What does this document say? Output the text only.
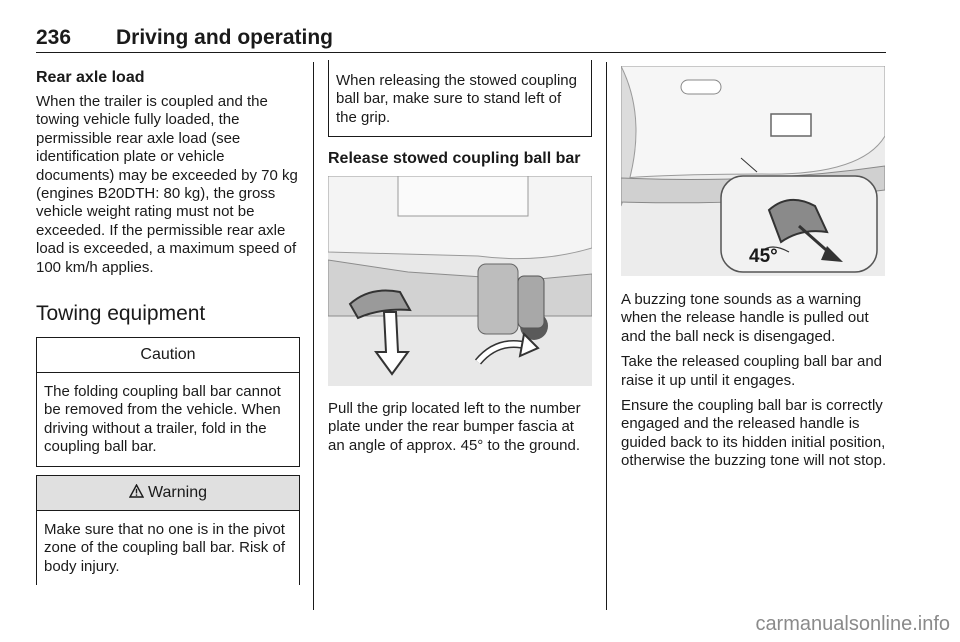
236 Driving and operating
Rear axle load

When the trailer is coupled and the towing vehicle fully loaded, the permissible rear axle load (see identification plate or vehicle documents) may be exceeded by 70 kg (engines B20DTH: 80 kg), the gross vehicle weight rating must not be exceeded. If the permissible rear axle load is exceeded, a maximum speed of 100 km/h applies.

Towing equipment
Caution
The folding coupling ball bar cannot be removed from the vehicle. When driving without a trailer, fold in the coupling ball bar.
Warning
Make sure that no one is in the pivot zone of the coupling ball bar. Risk of body injury.
When releasing the stowed coupling ball bar, make sure to stand left of the grip.
Release stowed coupling ball bar
Pull the grip located left to the number plate under the rear bumper fascia at an angle of approx. 45° to the ground.
45°

A buzzing tone sounds as a warning when the release handle is pulled out and the ball neck is disengaged.

Take the released coupling ball bar and raise it up until it engages.

Ensure the coupling ball bar is correctly engaged and the released handle is guided back to its hidden initial position, otherwise the buzzing tone will not stop.

carmanualsonline.info
